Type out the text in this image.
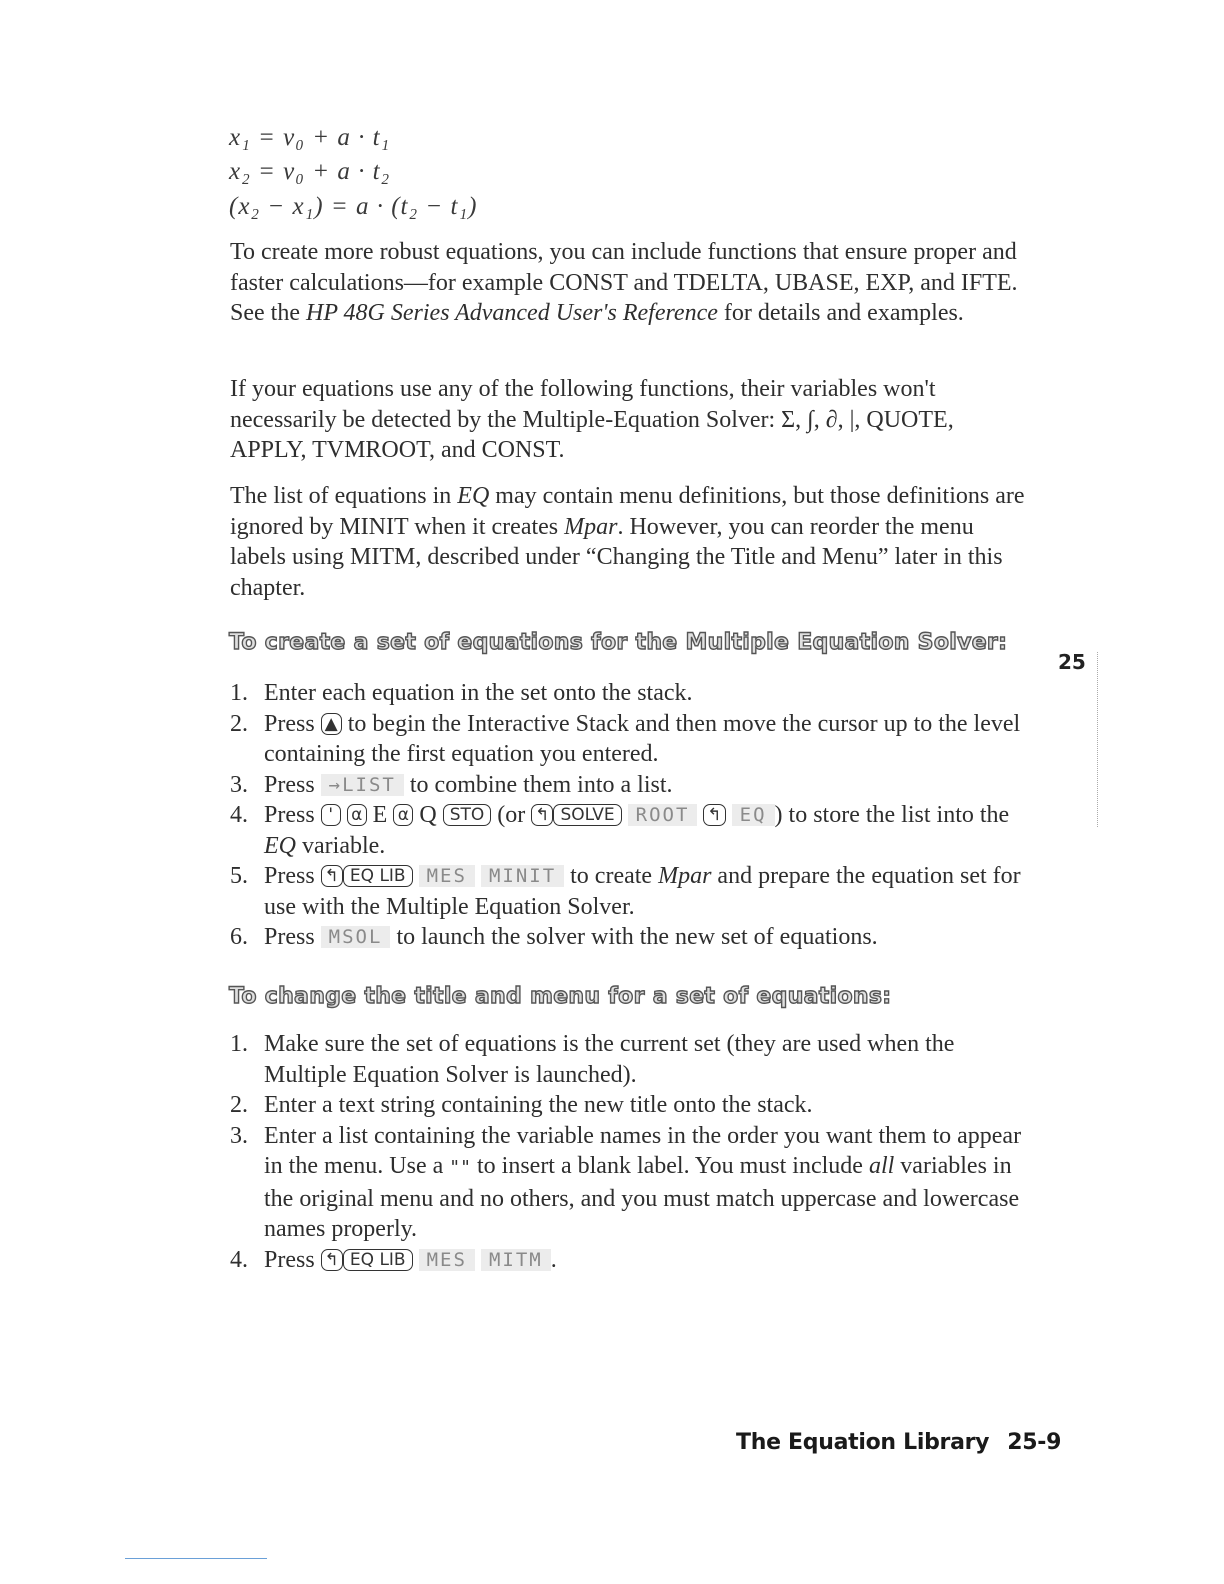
x₁ = v₀ + a · t₁
x₂ = v₀ + a · t₂
(x₂ − x₁) = a · (t₂ − t₁)
To create more robust equations, you can include functions that ensure proper and faster calculations—for example CONST and TDELTA, UBASE, EXP, and IFTE. See the HP 48G Series Advanced User's Reference for details and examples.
If your equations use any of the following functions, their variables won't necessarily be detected by the Multiple-Equation Solver: Σ, ∫, ∂, |, QUOTE, APPLY, TVMROOT, and CONST.
The list of equations in EQ may contain menu definitions, but those definitions are ignored by MINIT when it creates Mpar. However, you can reorder the menu labels using MITM, described under “Changing the Title and Menu” later in this chapter.
To create a set of equations for the Multiple Equation Solver:
1. Enter each equation in the set onto the stack.
2. Press ▲ to begin the Interactive Stack and then move the cursor up to the level containing the first equation you entered.
3. Press →LIST to combine them into a list.
4. Press ' α E α Q STO (or ↰ SOLVE ROOT ↰ EQ ) to store the list into the EQ variable.
5. Press ↰ EQ LIB MES MINIT to create Mpar and prepare the equation set for use with the Multiple Equation Solver.
6. Press MSOL to launch the solver with the new set of equations.
To change the title and menu for a set of equations:
1. Make sure the set of equations is the current set (they are used when the Multiple Equation Solver is launched).
2. Enter a text string containing the new title onto the stack.
3. Enter a list containing the variable names in the order you want them to appear in the menu. Use a "" to insert a blank label. You must include all variables in the original menu and no others, and you must match uppercase and lowercase names properly.
4. Press ↰ EQ LIB MES MITM .
25
The Equation Library 25-9
